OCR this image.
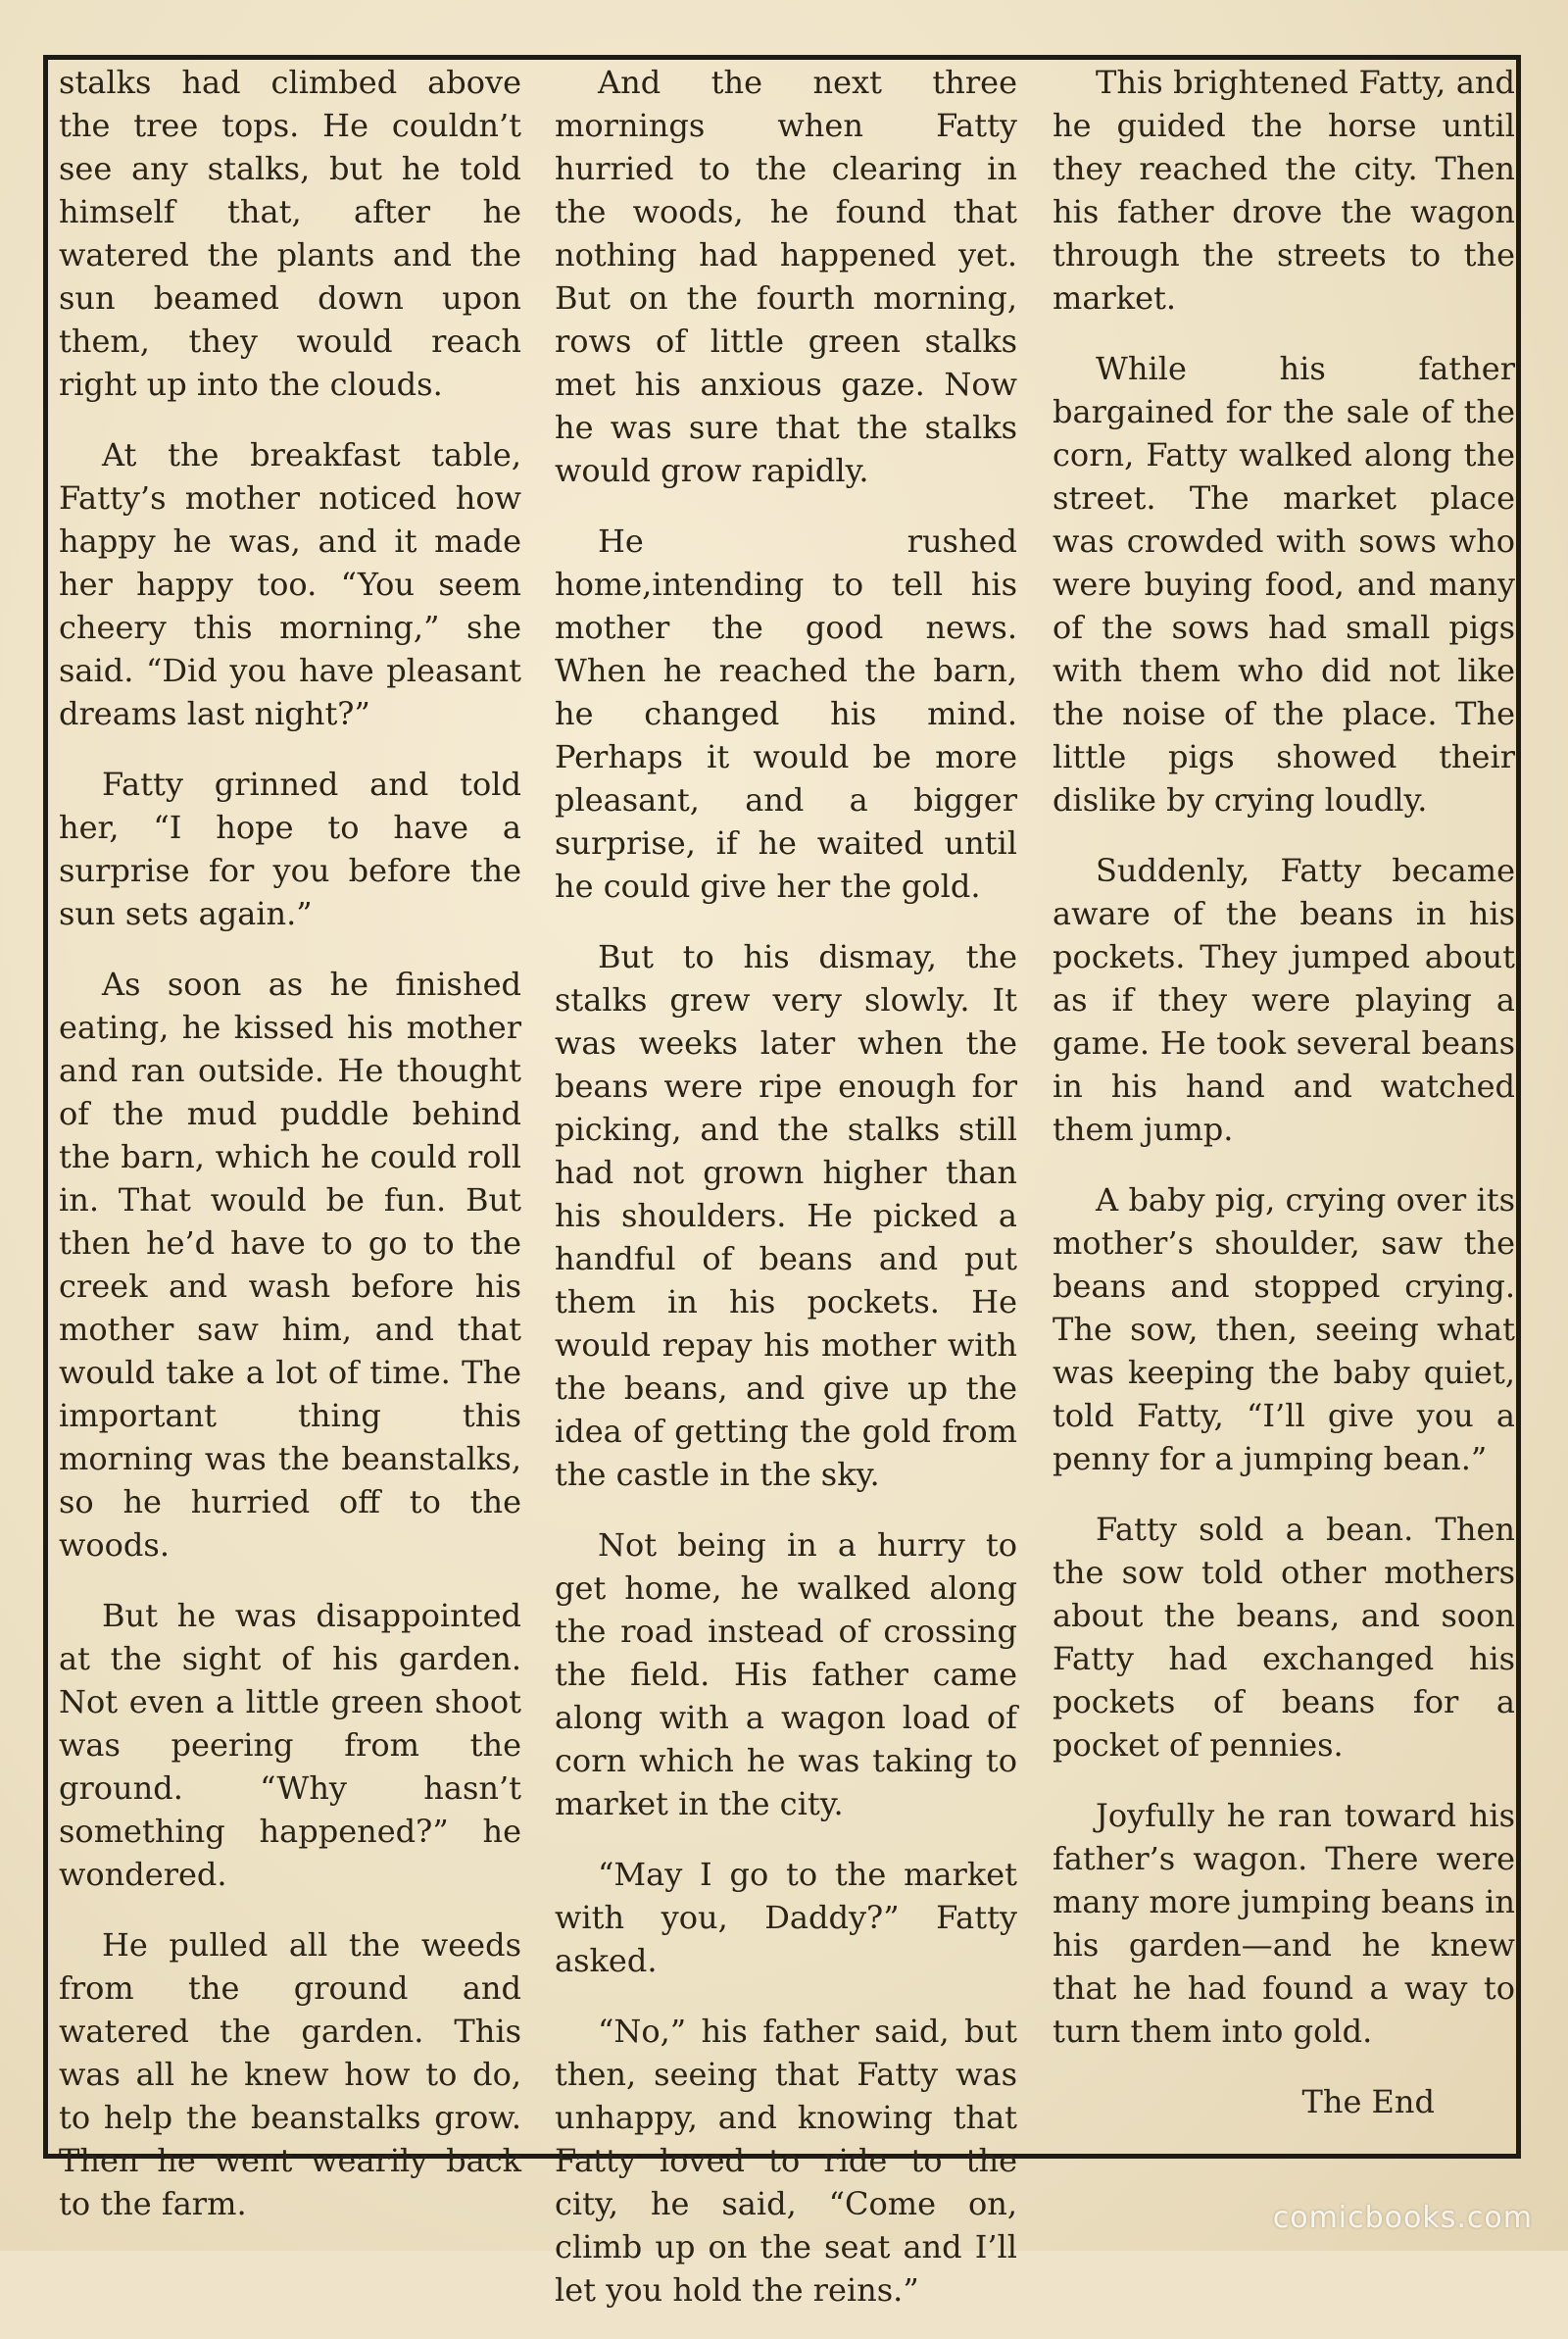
stalks had climbed above the tree tops. He couldn’t see any stalks, but he told himself that, after he watered the plants and the sun beamed down upon them, they would reach right up into the clouds.

At the breakfast table, Fatty’s mother noticed how happy he was, and it made her happy too. “You seem cheery this morning,” she said. “Did you have pleasant dreams last night?”

Fatty grinned and told her, “I hope to have a surprise for you before the sun sets again.”

As soon as he finished eating, he kissed his mother and ran outside. He thought of the mud puddle behind the barn, which he could roll in. That would be fun. But then he’d have to go to the creek and wash before his mother saw him, and that would take a lot of time. The important thing this morning was the beanstalks, so he hurried off to the woods.

But he was disappointed at the sight of his garden. Not even a little green shoot was peering from the ground. “Why hasn’t something happened?” he wondered.

He pulled all the weeds from the ground and watered the garden. This was all he knew how to do, to help the beanstalks grow. Then he went wearily back to the farm.

And the next three mornings when Fatty hurried to the clearing in the woods, he found that nothing had happened yet. But on the fourth morning, rows of little green stalks met his anxious gaze. Now he was sure that the stalks would grow rapidly.

He rushed home,intending to tell his mother the good news. When he reached the barn, he changed his mind. Perhaps it would be more pleasant, and a bigger surprise, if he waited until he could give her the gold.

But to his dismay, the stalks grew very slowly. It was weeks later when the beans were ripe enough for picking, and the stalks still had not grown higher than his shoulders. He picked a handful of beans and put them in his pockets. He would repay his mother with the beans, and give up the idea of getting the gold from the castle in the sky.

Not being in a hurry to get home, he walked along the road instead of crossing the field. His father came along with a wagon load of corn which he was taking to market in the city.

“May I go to the market with you, Daddy?” Fatty asked.

“No,” his father said, but then, seeing that Fatty was unhappy, and knowing that Fatty loved to ride to the city, he said, “Come on, climb up on the seat and I’ll let you hold the reins.”

This brightened Fatty, and he guided the horse until they reached the city. Then his father drove the wagon through the streets to the market.

While his father bargained for the sale of the corn, Fatty walked along the street. The market place was crowded with sows who were buying food, and many of the sows had small pigs with them who did not like the noise of the place. The little pigs showed their dislike by crying loudly.

Suddenly, Fatty became aware of the beans in his pockets. They jumped about as if they were playing a game. He took several beans in his hand and watched them jump.

A baby pig, crying over its mother’s shoulder, saw the beans and stopped crying. The sow, then, seeing what was keeping the baby quiet, told Fatty, “I’ll give you a penny for a jumping bean.”

Fatty sold a bean. Then the sow told other mothers about the beans, and soon Fatty had exchanged his pockets of beans for a pocket of pennies.

Joyfully he ran toward his father’s wagon. There were many more jumping beans in his garden—and he knew that he had found a way to turn them into gold.

The End

comicbooks.com
